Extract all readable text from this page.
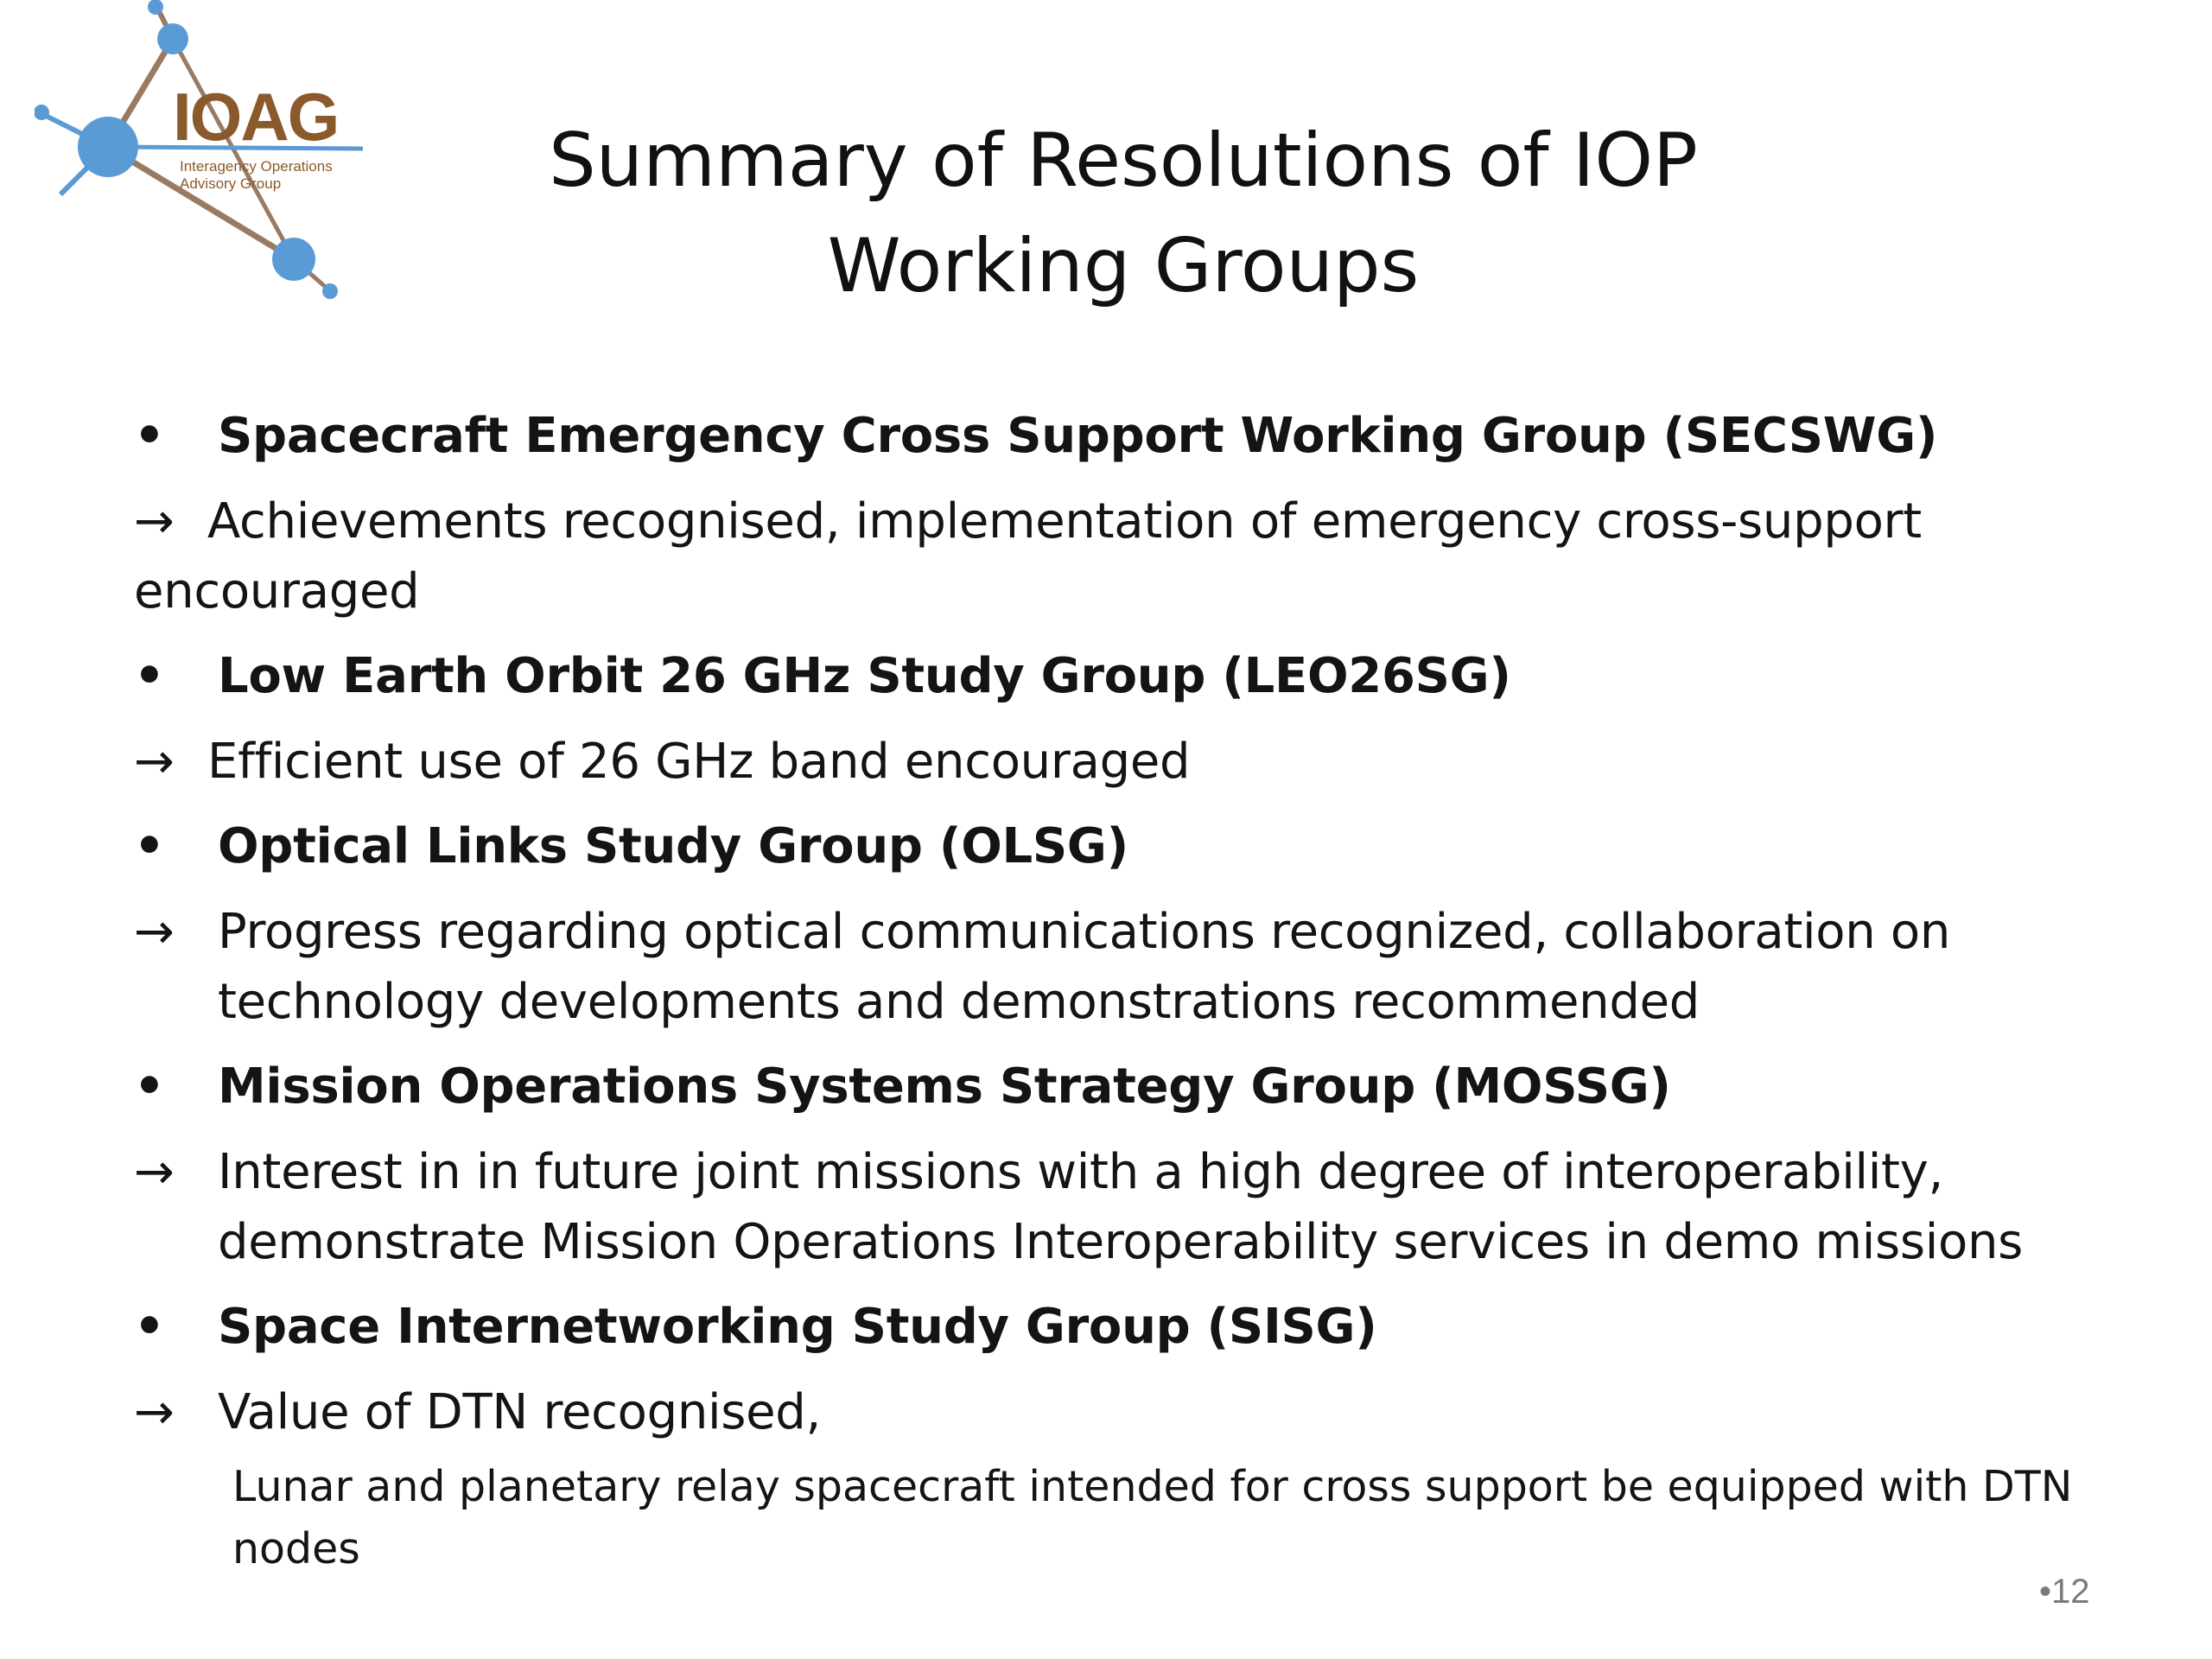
IOAG
Interagency Operations
Advisory Group	Summary of Resolutions of IOP
Working Groups
• Spacecraft Emergency Cross Support Working Group (SECSWG)
→ Achievements recognised, implementation of emergency cross-support encouraged
• Low Earth Orbit 26 GHz Study Group (LEO26SG)
→ Efficient use of 26 GHz band encouraged
• Optical Links Study Group (OLSG)
→ Progress regarding optical communications recognized, collaboration on technology developments and demonstrations recommended
• Mission Operations Systems Strategy Group (MOSSG)
→ Interest in in future joint missions with a high degree of interoperability, demonstrate Mission Operations Interoperability services in demo missions
• Space Internetworking Study Group (SISG)
→ Value of DTN recognised,
Lunar and planetary relay spacecraft intended for cross support be equipped with DTN nodes
•12
